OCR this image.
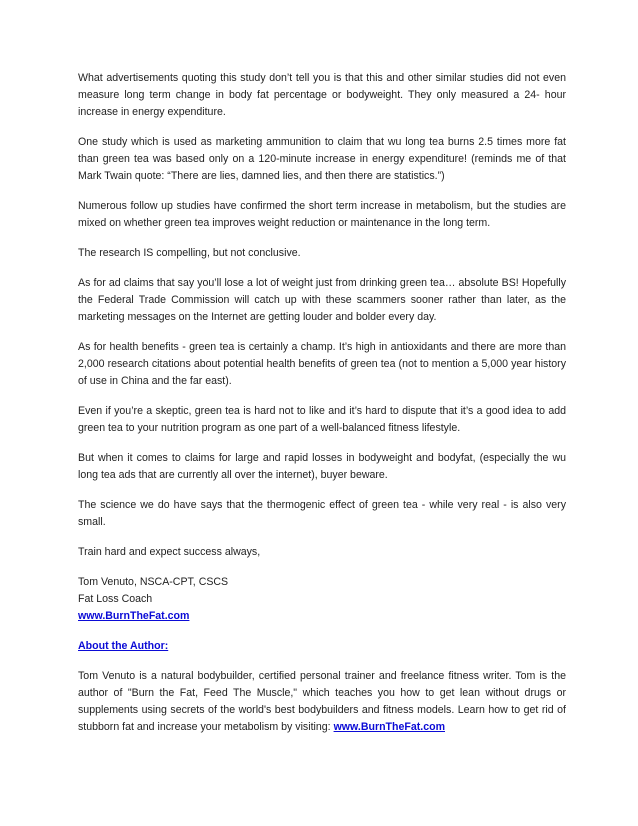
What advertisements quoting this study don’t tell you is that this and other similar studies did not even measure long term change in body fat percentage or bodyweight. They only measured a 24- hour increase in energy expenditure.

One study which is used as marketing ammunition to claim that wu long tea burns 2.5 times more fat than green tea was based only on a 120-minute increase in energy expenditure! (reminds me of that Mark Twain quote: “There are lies, damned lies, and then there are statistics.”)

Numerous follow up studies have confirmed the short term increase in metabolism, but the studies are mixed on whether green tea improves weight reduction or maintenance in the long term.

The research IS compelling, but not conclusive.

As for ad claims that say you’ll lose a lot of weight just from drinking green tea… absolute BS! Hopefully the Federal Trade Commission will catch up with these scammers sooner rather than later, as the marketing messages on the Internet are getting louder and bolder every day.

As for health benefits - green tea is certainly a champ. It’s high in antioxidants and there are more than 2,000 research citations about potential health benefits of green tea (not to mention a 5,000 year history of use in China and the far east).

Even if you’re a skeptic, green tea is hard not to like and it’s hard to dispute that it’s a good idea to add green tea to your nutrition program as one part of a well-balanced fitness lifestyle.

But when it comes to claims for large and rapid losses in bodyweight and bodyfat, (especially the wu long tea ads that are currently all over the internet), buyer beware.

The science we do have says that the thermogenic effect of green tea - while very real - is also very small.

Train hard and expect success always,

Tom Venuto, NSCA-CPT, CSCS

Fat Loss Coach

www.BurnTheFat.com

About the Author:

Tom Venuto is a natural bodybuilder, certified personal trainer and freelance fitness writer. Tom is the author of "Burn the Fat, Feed The Muscle," which teaches you how to get lean without drugs or supplements using secrets of the world's best bodybuilders and fitness models. Learn how to get rid of stubborn fat and increase your metabolism by visiting: www.BurnTheFat.com
